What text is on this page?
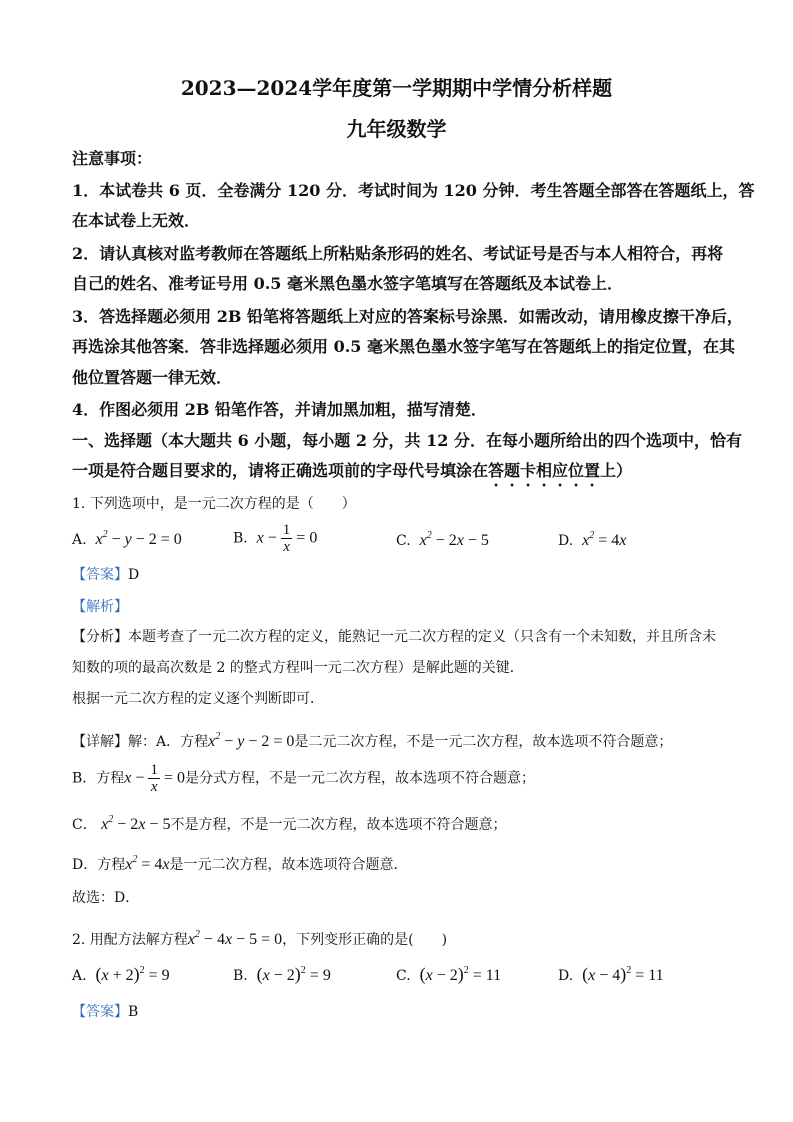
2023—2024学年度第一学期期中学情分析样题
九年级数学
注意事项：
1．本试卷共 6 页．全卷满分 120 分．考试时间为 120 分钟．考生答题全部答在答题纸上，答
在本试卷上无效．
2．请认真核对监考教师在答题纸上所粘贴条形码的姓名、考试证号是否与本人相符合，再将
自己的姓名、准考证号用 0.5 毫米黑色墨水签字笔填写在答题纸及本试卷上．
3．答选择题必须用 2B 铅笔将答题纸上对应的答案标号涂黑．如需改动，请用橡皮擦干净后，
再选涂其他答案．答非选择题必须用 0.5 毫米黑色墨水签字笔写在答题纸上的指定位置，在其
他位置答题一律无效．
4．作图必须用 2B 铅笔作答，并请加黑加粗，描写清楚．
一、选择题（本大题共 6 小题，每小题 2 分，共 12 分．在每小题所给出的四个选项中，恰有
一项是符合题目要求的，请将正确选项前的字母代号填涂在答题卡相应位置上）
1. 下列选项中，是一元二次方程的是（　　）
A. $x^2 - y - 2 = 0$	B. $x - \frac{1}{x} = 0$	C. $x^2 - 2x - 5$	D. $x^2 = 4x$
【答案】D
【解析】
【分析】本题考查了一元二次方程的定义，能熟记一元二次方程的定义（只含有一个未知数，并且所含未
知数的项的最高次数是 2 的整式方程叫一元二次方程）是解此题的关键．
根据一元二次方程的定义逐个判断即可．
【详解】解：A．方程$x^2 - y - 2 = 0$是二元二次方程，不是一元二次方程，故本选项不符合题意；
B．方程$x - \frac{1}{x} = 0$是分式方程，不是一元二次方程，故本选项不符合题意；
C． $x^2 - 2x - 5$不是方程，不是一元二次方程，故本选项不符合题意；
D．方程$x^2 = 4x$是一元二次方程，故本选项符合题意．
故选：D．
2. 用配方法解方程$x^2 - 4x - 5 = 0$，下列变形正确的是(　　)
A. $(x + 2)^2 = 9$	B. $(x - 2)^2 = 9$	C. $(x - 2)^2 = 11$	D. $(x - 4)^2 = 11$
【答案】B
